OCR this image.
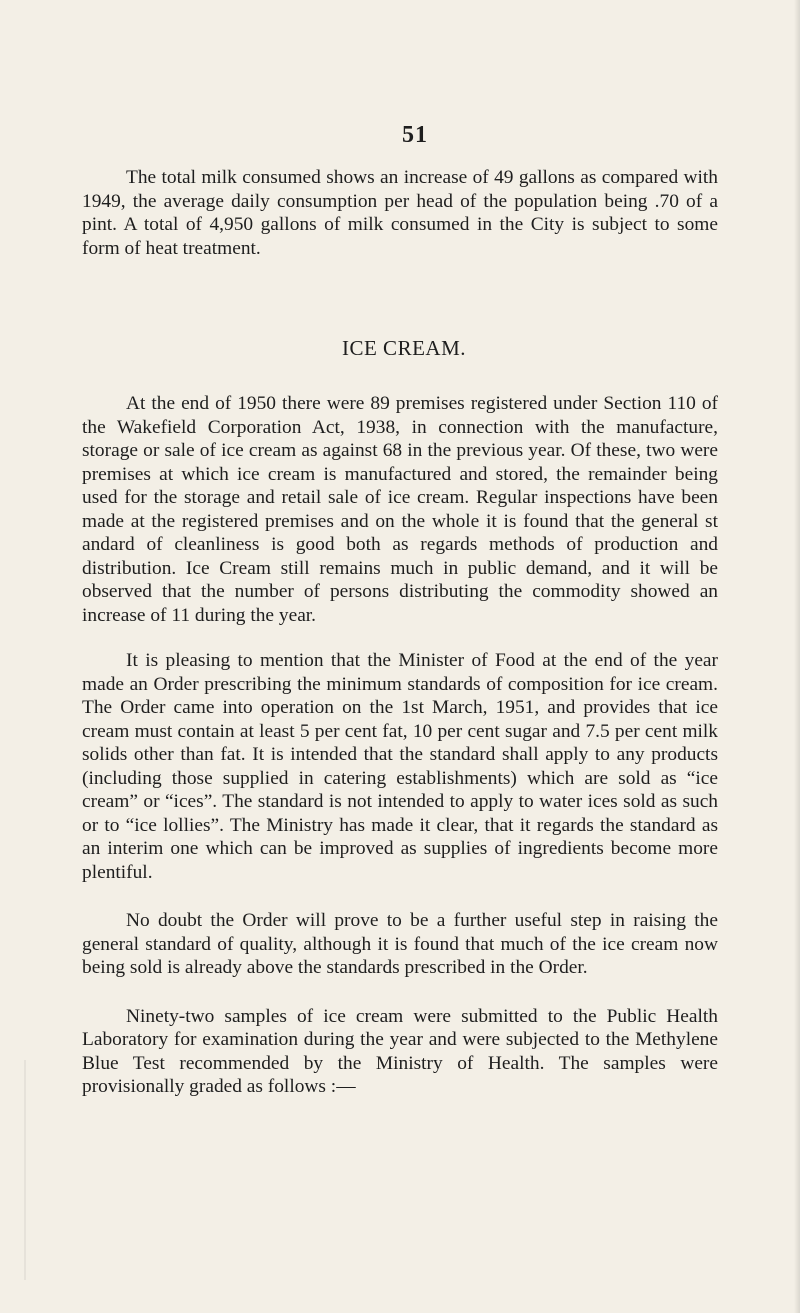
51

The total milk consumed shows an increase of 49 gallons as compared with 1949, the average daily consumption per head of the population being .70 of a pint. A total of 4,950 gallons of milk consumed in the City is subject to some form of heat treatment.

ICE CREAM.

At the end of 1950 there were 89 premises registered under Section 110 of the Wakefield Corporation Act, 1938, in connection with the manufacture, storage or sale of ice cream as against 68 in the previous year. Of these, two were premises at which ice cream is manufactured and stored, the remainder being used for the storage and retail sale of ice cream. Regular inspections have been made at the registered premises and on the whole it is found that the general st andard of cleanliness is good both as regards methods of production and distribution. Ice Cream still remains much in public demand, and it will be observed that the number of persons distributing the commodity showed an increase of 11 during the year.

It is pleasing to mention that the Minister of Food at the end of the year made an Order prescribing the minimum standards of composition for ice cream. The Order came into operation on the 1st March, 1951, and provides that ice cream must contain at least 5 per cent fat, 10 per cent sugar and 7.5 per cent milk solids other than fat. It is intended that the standard shall apply to any products (including those supplied in catering establishments) which are sold as “ice cream” or “ices”. The standard is not intended to apply to water ices sold as such or to “ice lollies”. The Ministry has made it clear, that it regards the standard as an interim one which can be improved as supplies of ingredients become more plentiful.

No doubt the Order will prove to be a further useful step in raising the general standard of quality, although it is found that much of the ice cream now being sold is already above the standards prescribed in the Order.

Ninety-two samples of ice cream were submitted to the Public Health Laboratory for examination during the year and were subjected to the Methylene Blue Test recommended by the Ministry of Health. The samples were provisionally graded as follows :—
